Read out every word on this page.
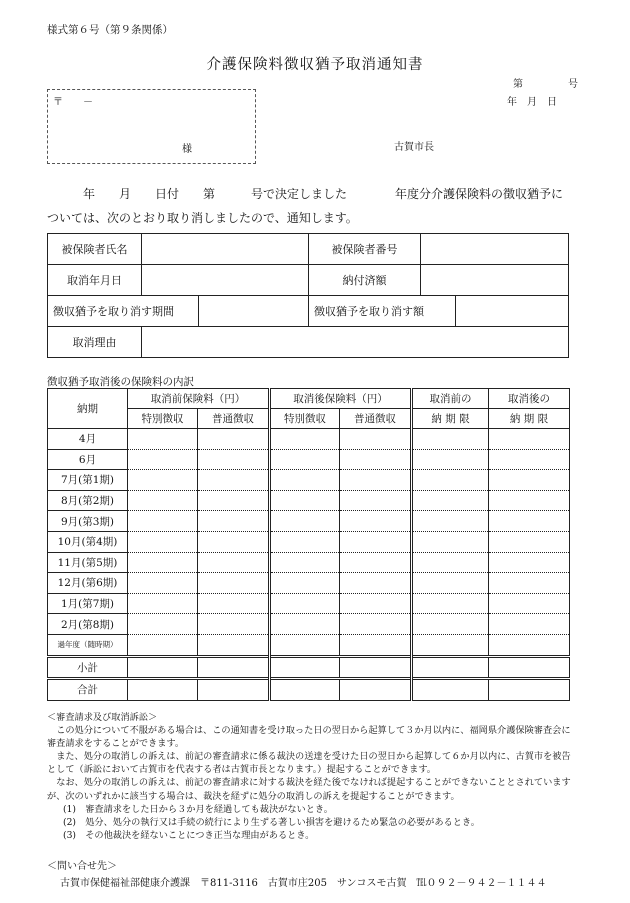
様式第６号（第９条関係）
介護保険料徴収猶予取消通知書
第	号
年　月　日
〒　　－
様	古賀市長
　　　年　　月　　日付　　第　　　号で決定しました　　　　年度分介護保険料の徴収猶予に
ついては、次のとおり取り消しましたので、通知します。
被保険者氏名			被保険者番号		
取消年月日			納付済額		
徴収猶予を取り消す期間			徴収猶予を取り消す額		
取消理由					
徴収猶予取消後の保険料の内訳
納期	取消前保険料（円）		取消後保険料（円）		取消前の	取消後の
	特別徴収	普通徴収	特別徴収	普通徴収	納 期 限	納 期 限
4月						
6月						
7月(第1期)						
8月(第2期)						
9月(第3期)						
10月(第4期)						
11月(第5期)						
12月(第6期)						
1月(第7期)						
2月(第8期)						
過年度（随時期）						
小計						
合計						

＜審査請求及び取消訴訟＞

この処分について不服がある場合は、この通知書を受け取った日の翌日から起算して３か月以内に、福岡県介護保険審査会に審査請求をすることができます。

また、処分の取消しの訴えは、前記の審査請求に係る裁決の送達を受けた日の翌日から起算して６か月以内に、古賀市を被告として（訴訟において古賀市を代表する者は古賀市長となります。）提起することができます。

なお、処分の取消しの訴えは、前記の審査請求に対する裁決を経た後でなければ提起することができないこととされていますが、次のいずれかに該当する場合は、裁決を経ずに処分の取消しの訴えを提起することができます。

(1)　審査請求をした日から３か月を経過しても裁決がないとき。

(2)　処分、処分の執行又は手続の続行により生ずる著しい損害を避けるため緊急の必要があるとき。

(3)　その他裁決を経ないことにつき正当な理由があるとき。

＜問い合せ先＞
古賀市保健福祉部健康介護課　〒811-3116　古賀市庄205　サンコスモ古賀　℡０９２－９４２－１１４４
